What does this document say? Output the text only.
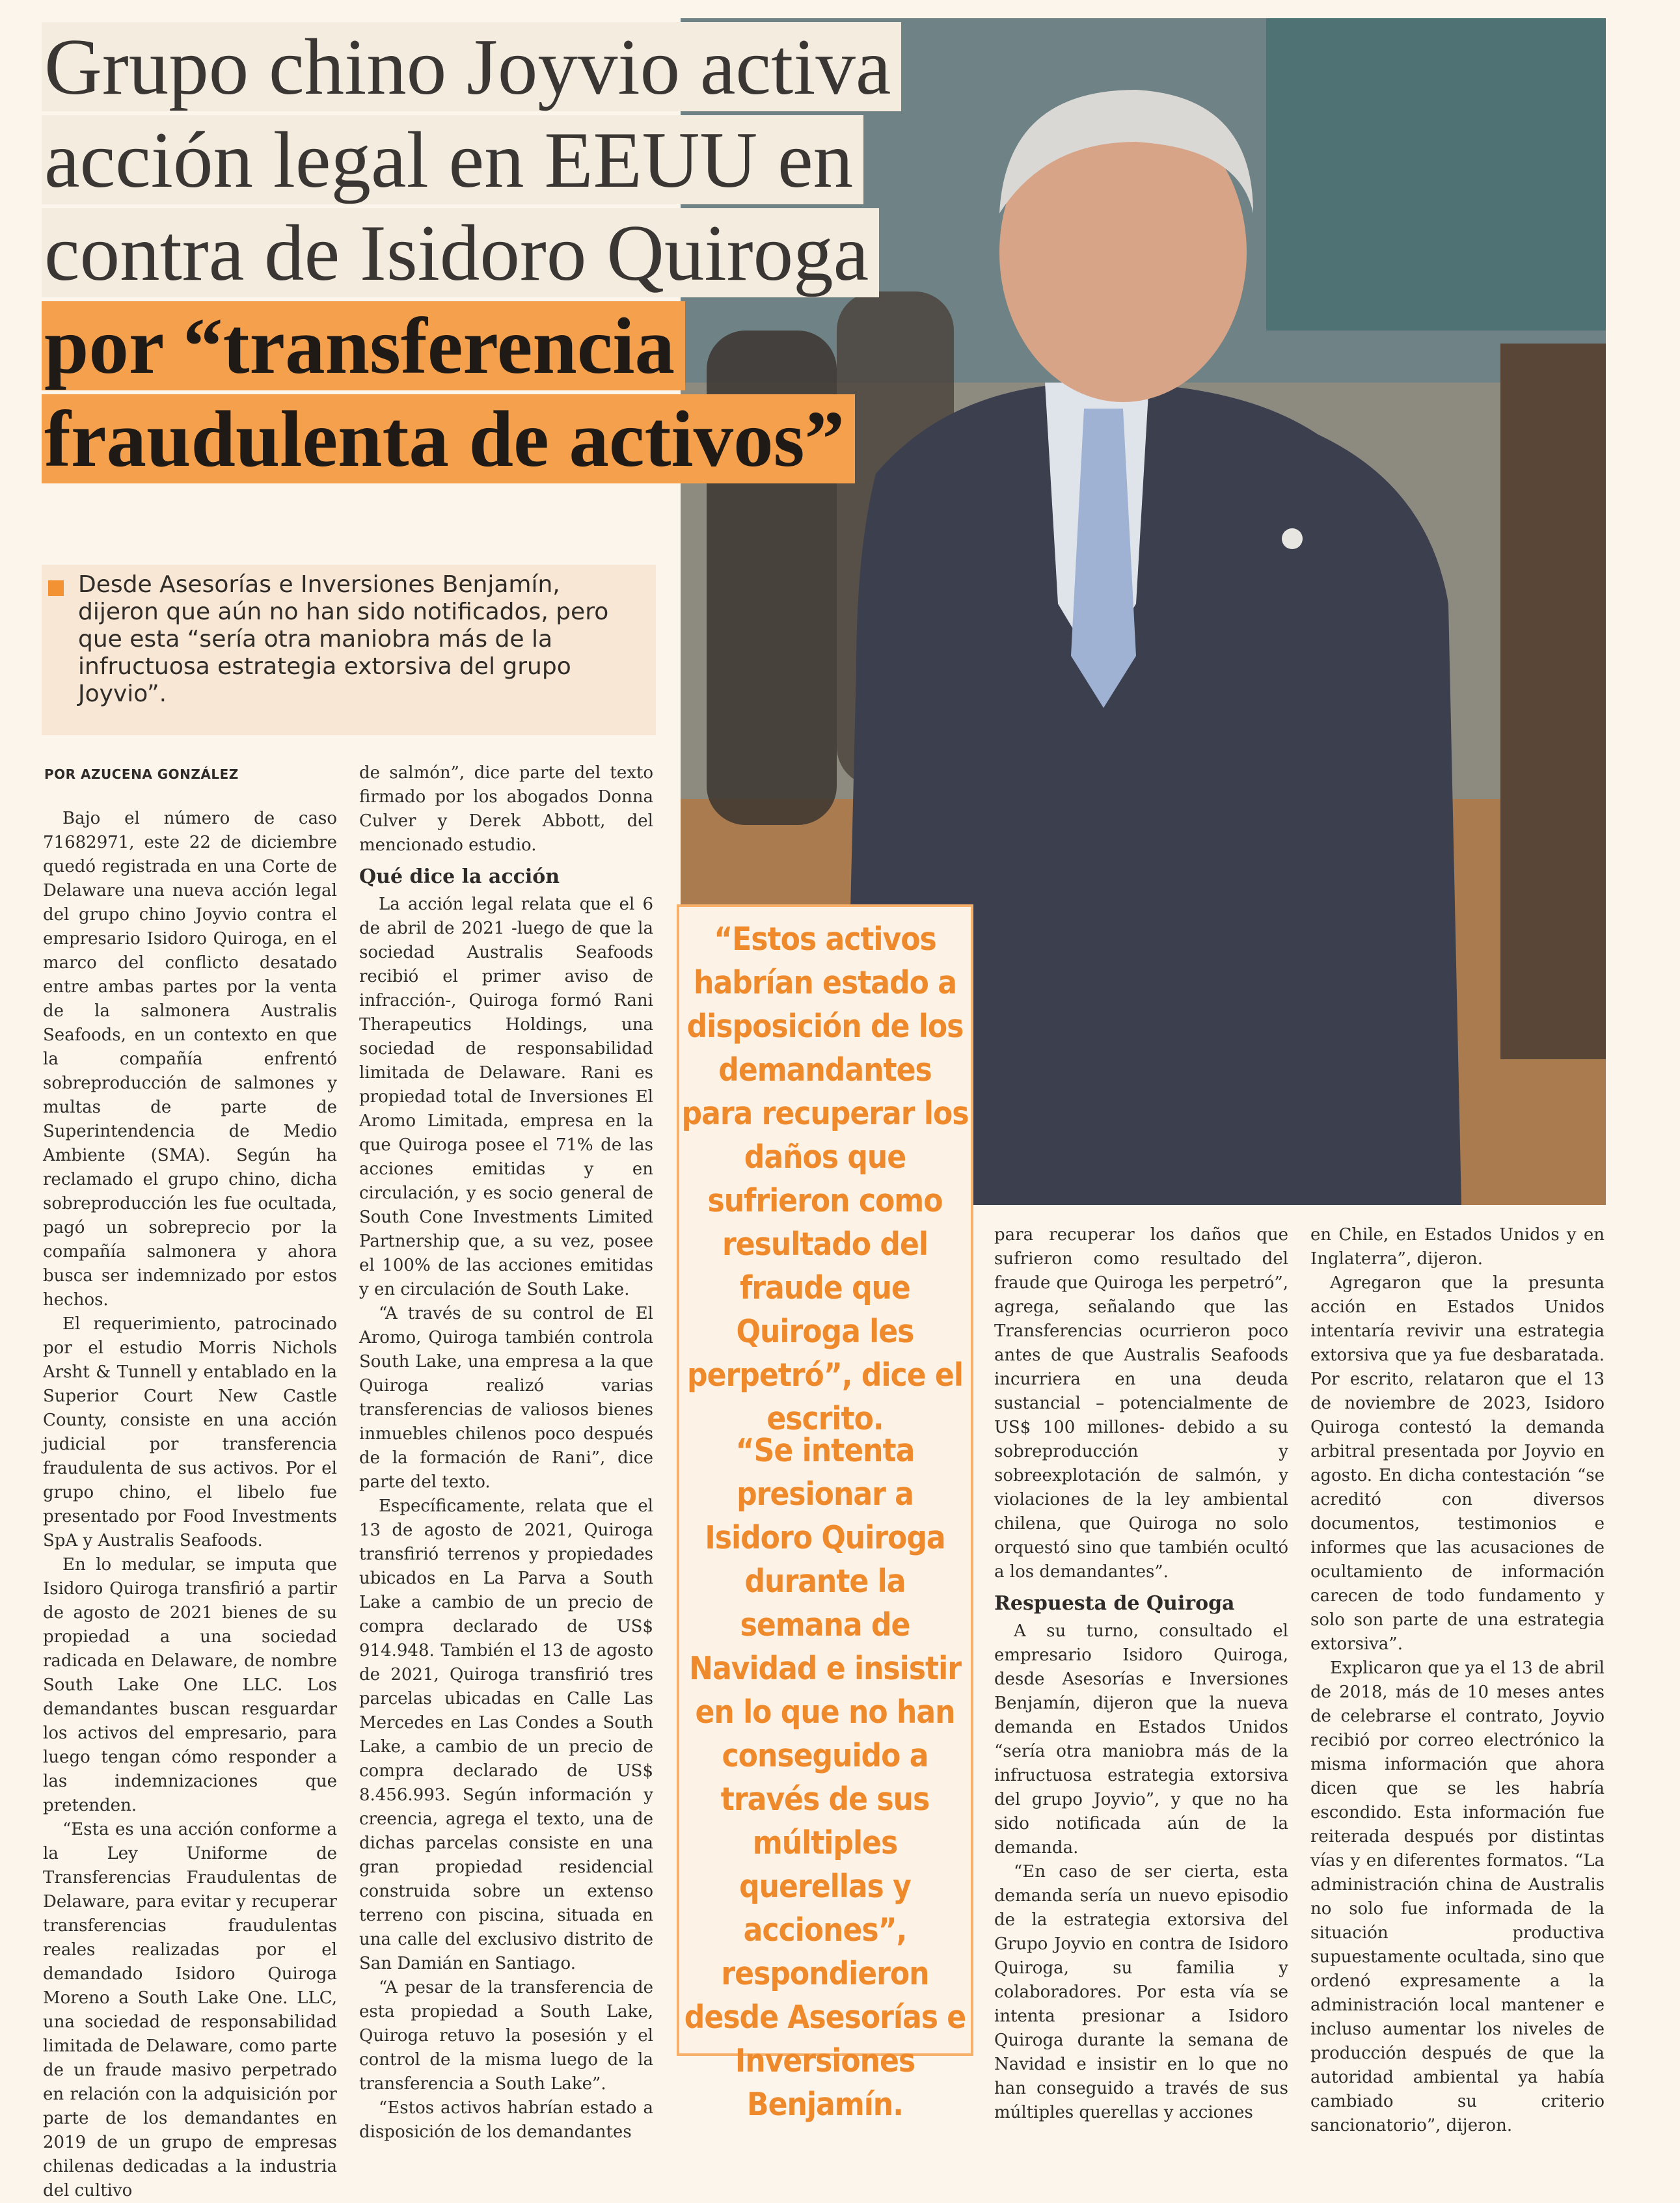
Grupo chino Joyvio activa
acción legal en EEUU en
contra de Isidoro Quiroga
por “transferencia
fraudulenta de activos”

Desde Asesorías e Inversiones Benjamín, dijeron que aún no han sido notificados, pero que esta “sería otra maniobra más de la infructuosa estrategia extorsiva del grupo Joyvio”.

POR AZUCENA GONZÁLEZ

Bajo el número de caso 71682971, este 22 de diciembre quedó registrada en una Corte de Delaware una nueva acción legal del grupo chino Joyvio contra el empresario Isidoro Quiroga, en el marco del conflicto desatado entre ambas partes por la venta de la salmonera Australis Seafoods, en un contexto en que la compañía enfrentó sobreproducción de salmones y multas de parte de Superintendencia de Medio Ambiente (SMA). Según ha reclamado el grupo chino, dicha sobreproducción les fue ocultada, pagó un sobreprecio por la compañía salmonera y ahora busca ser indemnizado por estos hechos.

El requerimiento, patrocinado por el estudio Morris Nichols Arsht & Tunnell y entablado en la Superior Court New Castle County, consiste en una acción judicial por transferencia fraudulenta de sus activos. Por el grupo chino, el libelo fue presentado por Food Investments SpA y Australis Seafoods.

En lo medular, se imputa que Isidoro Quiroga transfirió a partir de agosto de 2021 bienes de su propiedad a una sociedad radicada en Delaware, de nombre South Lake One LLC. Los demandantes buscan resguardar los activos del empresario, para luego tengan cómo responder a las indemnizaciones que pretenden.

“Esta es una acción conforme a la Ley Uniforme de Transferencias Fraudulentas de Delaware, para evitar y recuperar transferencias fraudulentas reales realizadas por el demandado Isidoro Quiroga Moreno a South Lake One. LLC, una sociedad de responsabilidad limitada de Delaware, como parte de un fraude masivo perpetrado en relación con la adquisición por parte de los demandantes en 2019 de un grupo de empresas chilenas dedicadas a la industria del cultivo

de salmón”, dice parte del texto firmado por los abogados Donna Culver y Derek Abbott, del mencionado estudio.

Qué dice la acción

La acción legal relata que el 6 de abril de 2021 -luego de que la sociedad Australis Seafoods recibió el primer aviso de infracción-, Quiroga formó Rani Therapeutics Holdings, una sociedad de responsabilidad limitada de Delaware. Rani es propiedad total de Inversiones El Aromo Limitada, empresa en la que Quiroga posee el 71% de las acciones emitidas y en circulación, y es socio general de South Cone Investments Limited Partnership que, a su vez, posee el 100% de las acciones emitidas y en circulación de South Lake.

“A través de su control de El Aromo, Quiroga también controla South Lake, una empresa a la que Quiroga realizó varias transferencias de valiosos bienes inmuebles chilenos poco después de la formación de Rani”, dice parte del texto.

Específicamente, relata que el 13 de agosto de 2021, Quiroga transfirió terrenos y propiedades ubicados en La Parva a South Lake a cambio de un precio de compra declarado de US$ 914.948. También el 13 de agosto de 2021, Quiroga transfirió tres parcelas ubicadas en Calle Las Mercedes en Las Condes a South Lake, a cambio de un precio de compra declarado de US$ 8.456.993. Según información y creencia, agrega el texto, una de dichas parcelas consiste en una gran propiedad residencial construida sobre un extenso terreno con piscina, situada en una calle del exclusivo distrito de San Damián en Santiago.

“A pesar de la transferencia de esta propiedad a South Lake, Quiroga retuvo la posesión y el control de la misma luego de la transferencia a South Lake”.

“Estos activos habrían estado a disposición de los demandantes

“Estos activos habrían estado a disposición de los demandantes para recuperar los daños que sufrieron como resultado del fraude que Quiroga les perpetró”, dice el escrito.

“Se intenta presionar a Isidoro Quiroga durante la semana de Navidad e insistir en lo que no han conseguido a través de sus múltiples querellas y acciones”, respondieron desde Asesorías e Inversiones Benjamín.

para recuperar los daños que sufrieron como resultado del fraude que Quiroga les perpetró”, agrega, señalando que las Transferencias ocurrieron poco antes de que Australis Seafoods incurriera en una deuda sustancial – potencialmente de US$ 100 millones- debido a su sobreproducción y sobreexplotación de salmón, y violaciones de la ley ambiental chilena, que Quiroga no solo orquestó sino que también ocultó a los demandantes”.

Respuesta de Quiroga

A su turno, consultado el empresario Isidoro Quiroga, desde Asesorías e Inversiones Benjamín, dijeron que la nueva demanda en Estados Unidos “sería otra maniobra más de la infructuosa estrategia extorsiva del grupo Joyvio”, y que no ha sido notificada aún de la demanda.

“En caso de ser cierta, esta demanda sería un nuevo episodio de la estrategia extorsiva del Grupo Joyvio en contra de Isidoro Quiroga, su familia y colaboradores. Por esta vía se intenta presionar a Isidoro Quiroga durante la semana de Navidad e insistir en lo que no han conseguido a través de sus múltiples querellas y acciones

en Chile, en Estados Unidos y en Inglaterra”, dijeron.

Agregaron que la presunta acción en Estados Unidos intentaría revivir una estrategia extorsiva que ya fue desbaratada. Por escrito, relataron que el 13 de noviembre de 2023, Isidoro Quiroga contestó la demanda arbitral presentada por Joyvio en agosto. En dicha contestación “se acreditó con diversos documentos, testimonios e informes que las acusaciones de ocultamiento de información carecen de todo fundamento y solo son parte de una estrategia extorsiva”.

Explicaron que ya el 13 de abril de 2018, más de 10 meses antes de celebrarse el contrato, Joyvio recibió por correo electrónico la misma información que ahora dicen que se les habría escondido. Esta información fue reiterada después por distintas vías y en diferentes formatos. “La administración china de Australis no solo fue informada de la situación productiva supuestamente ocultada, sino que ordenó expresamente a la administración local mantener e incluso aumentar los niveles de producción después de que la autoridad ambiental ya había cambiado su criterio sancionatorio”, dijeron.
